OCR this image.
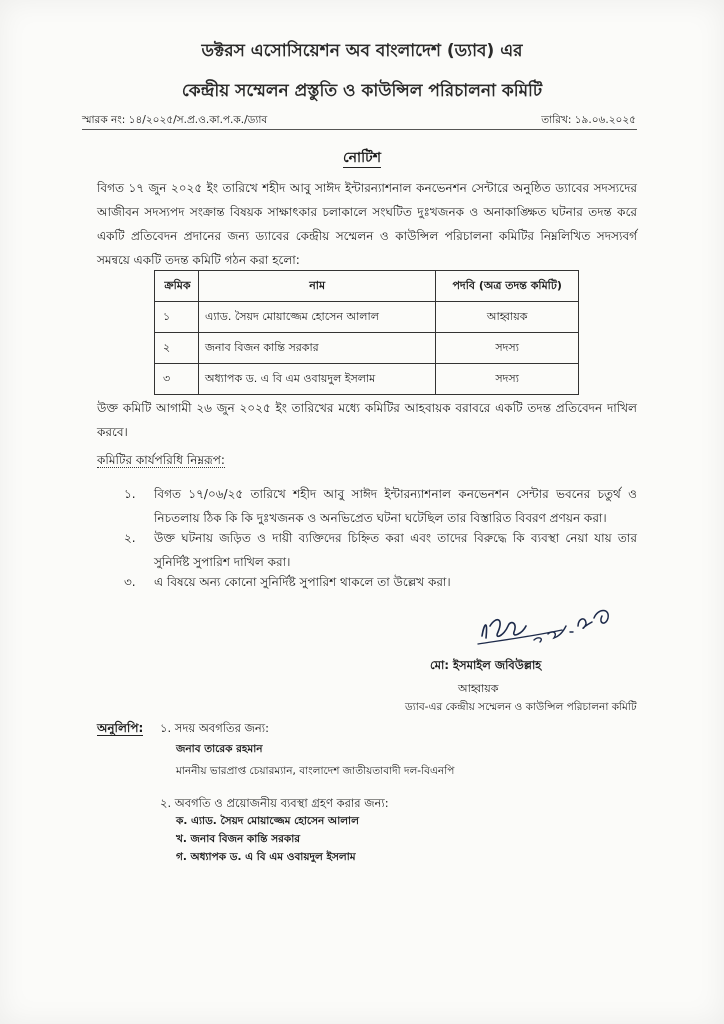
ডক্টরস এসোসিয়েশন অব বাংলাদেশ (ড্যাব) এর
কেন্দ্রীয় সম্মেলন প্রস্তুতি ও কাউন্সিল পরিচালনা কমিটি
স্মারক নং: ১৪/২০২৫/স.প্র.ও.কা.প.ক./ড্যাব	তারিখ: ১৯.০৬.২০২৫
নোটিশ
বিগত ১৭ জুন ২০২৫ ইং তারিখে শহীদ আবু সাঈদ ইন্টারন্যাশনাল কনভেনশন সেন্টারে অনুষ্ঠিত ড্যাবের সদস্যদের আজীবন সদস্যপদ সংক্রান্ত বিষয়ক সাক্ষাৎকার চলাকালে সংঘটিত দুঃখজনক ও অনাকাঙ্ক্ষিত ঘটনার তদন্ত করে একটি প্রতিবেদন প্রদানের জন্য ড্যাবের কেন্দ্রীয় সম্মেলন ও কাউন্সিল পরিচালনা কমিটির নিম্নলিখিত সদস্যবর্গ সমন্বয়ে একটি তদন্ত কমিটি গঠন করা হলো:
ক্রমিক	নাম	পদবি (অত্র তদন্ত কমিটি)
১	এ্যাড. সৈয়দ মোয়াজ্জেম হোসেন আলাল	আহ্বায়ক
২	জনাব বিজন কান্তি সরকার	সদস্য
৩	অধ্যাপক ড. এ বি এম ওবায়দুল ইসলাম	সদস্য
উক্ত কমিটি আগামী ২৬ জুন ২০২৫ ইং তারিখের মধ্যে কমিটির আহবায়ক বরাবরে একটি তদন্ত প্রতিবেদন দাখিল করবে।
কমিটির কার্যপরিধি নিম্নরূপ:
১.	বিগত ১৭/০৬/২৫ তারিখে শহীদ আবু সাঈদ ইন্টারন্যাশনাল কনভেনশন সেন্টার ভবনের চতুর্থ ও নিচতলায় ঠিক কি কি দুঃখজনক ও অনভিপ্রেত ঘটনা ঘটেছিল তার বিস্তারিত বিবরণ প্রণয়ন করা।
২.	উক্ত ঘটনায় জড়িত ও দায়ী ব্যক্তিদের চিহ্নিত করা এবং তাদের বিরুদ্ধে কি ব্যবস্থা নেয়া যায় তার সুনির্দিষ্ট সুপারিশ দাখিল করা।
৩.	এ বিষয়ে অন্য কোনো সুনির্দিষ্ট সুপারিশ থাকলে তা উল্লেখ করা।
মো: ইসমাইল জবিউল্লাহ
আহ্বায়ক
ড্যাব-এর কেন্দ্রীয় সম্মেলন ও কাউন্সিল পরিচালনা কমিটি
অনুলিপি: ১. সদয় অবগতির জন্য:
জনাব তারেক রহমান
মাননীয় ভারপ্রাপ্ত চেয়ারম্যান, বাংলাদেশ জাতীয়তাবাদী দল-বিএনপি
২. অবগতি ও প্রয়োজনীয় ব্যবস্থা গ্রহণ করার জন্য:
ক. এ্যাড. সৈয়দ মোয়াজ্জেম হোসেন আলাল
খ. জনাব বিজন কান্তি সরকার
গ. অধ্যাপক ড. এ বি এম ওবায়দুল ইসলাম
